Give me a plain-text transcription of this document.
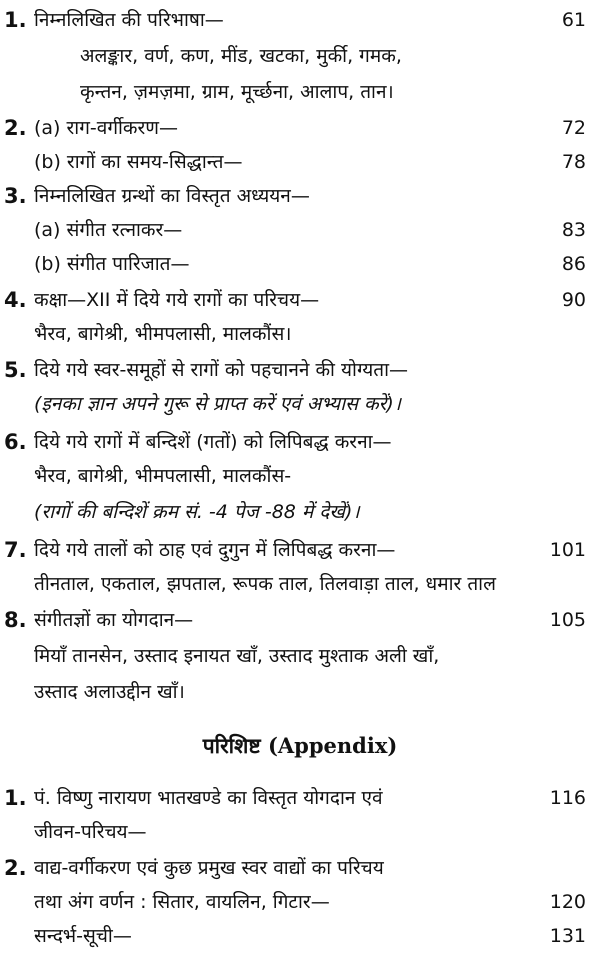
1. निम्नलिखित की परिभाषा—	61
अलङ्कार, वर्ण, कण, मींड, खटका, मुर्की, गमक,
कृन्तन, ज़मज़मा, ग्राम, मूर्च्छना, आलाप, तान।
2. (a) राग-वर्गीकरण—	72
(b) रागों का समय-सिद्धान्त—	78
3. निम्नलिखित ग्रन्थों का विस्तृत अध्ययन—
(a) संगीत रत्नाकर—	83
(b) संगीत पारिजात—	86
4. कक्षा—XII में दिये गये रागों का परिचय—	90
भैरव, बागेश्री, भीमपलासी, मालकौंस।
5. दिये गये स्वर-समूहों से रागों को पहचानने की योग्यता—
(इनका ज्ञान अपने गुरू से प्राप्त करें एवं अभ्यास करें)।
6. दिये गये रागों में बन्दिशें (गतों) को लिपिबद्ध करना—
भैरव, बागेश्री, भीमपलासी, मालकौंस-
(रागों की बन्दिशें क्रम सं. -4 पेज -88 में देखें)।
7. दिये गये तालों को ठाह एवं दुगुन में लिपिबद्ध करना—	101
तीनताल, एकताल, झपताल, रूपक ताल, तिलवाड़ा ताल, धमार ताल
8. संगीतज्ञों का योगदान—	105
मियाँ तानसेन, उस्ताद इनायत खाँ, उस्ताद मुश्ताक अली खाँ,
उस्ताद अलाउद्दीन खाँ।
परिशिष्ट (Appendix)
1. पं. विष्णु नारायण भातखण्डे का विस्तृत योगदान एवं	116
जीवन-परिचय—
2. वाद्य-वर्गीकरण एवं कुछ प्रमुख स्वर वाद्यों का परिचय
तथा अंग वर्णन : सितार, वायलिन, गिटार—	120
सन्दर्भ-सूची—	131
